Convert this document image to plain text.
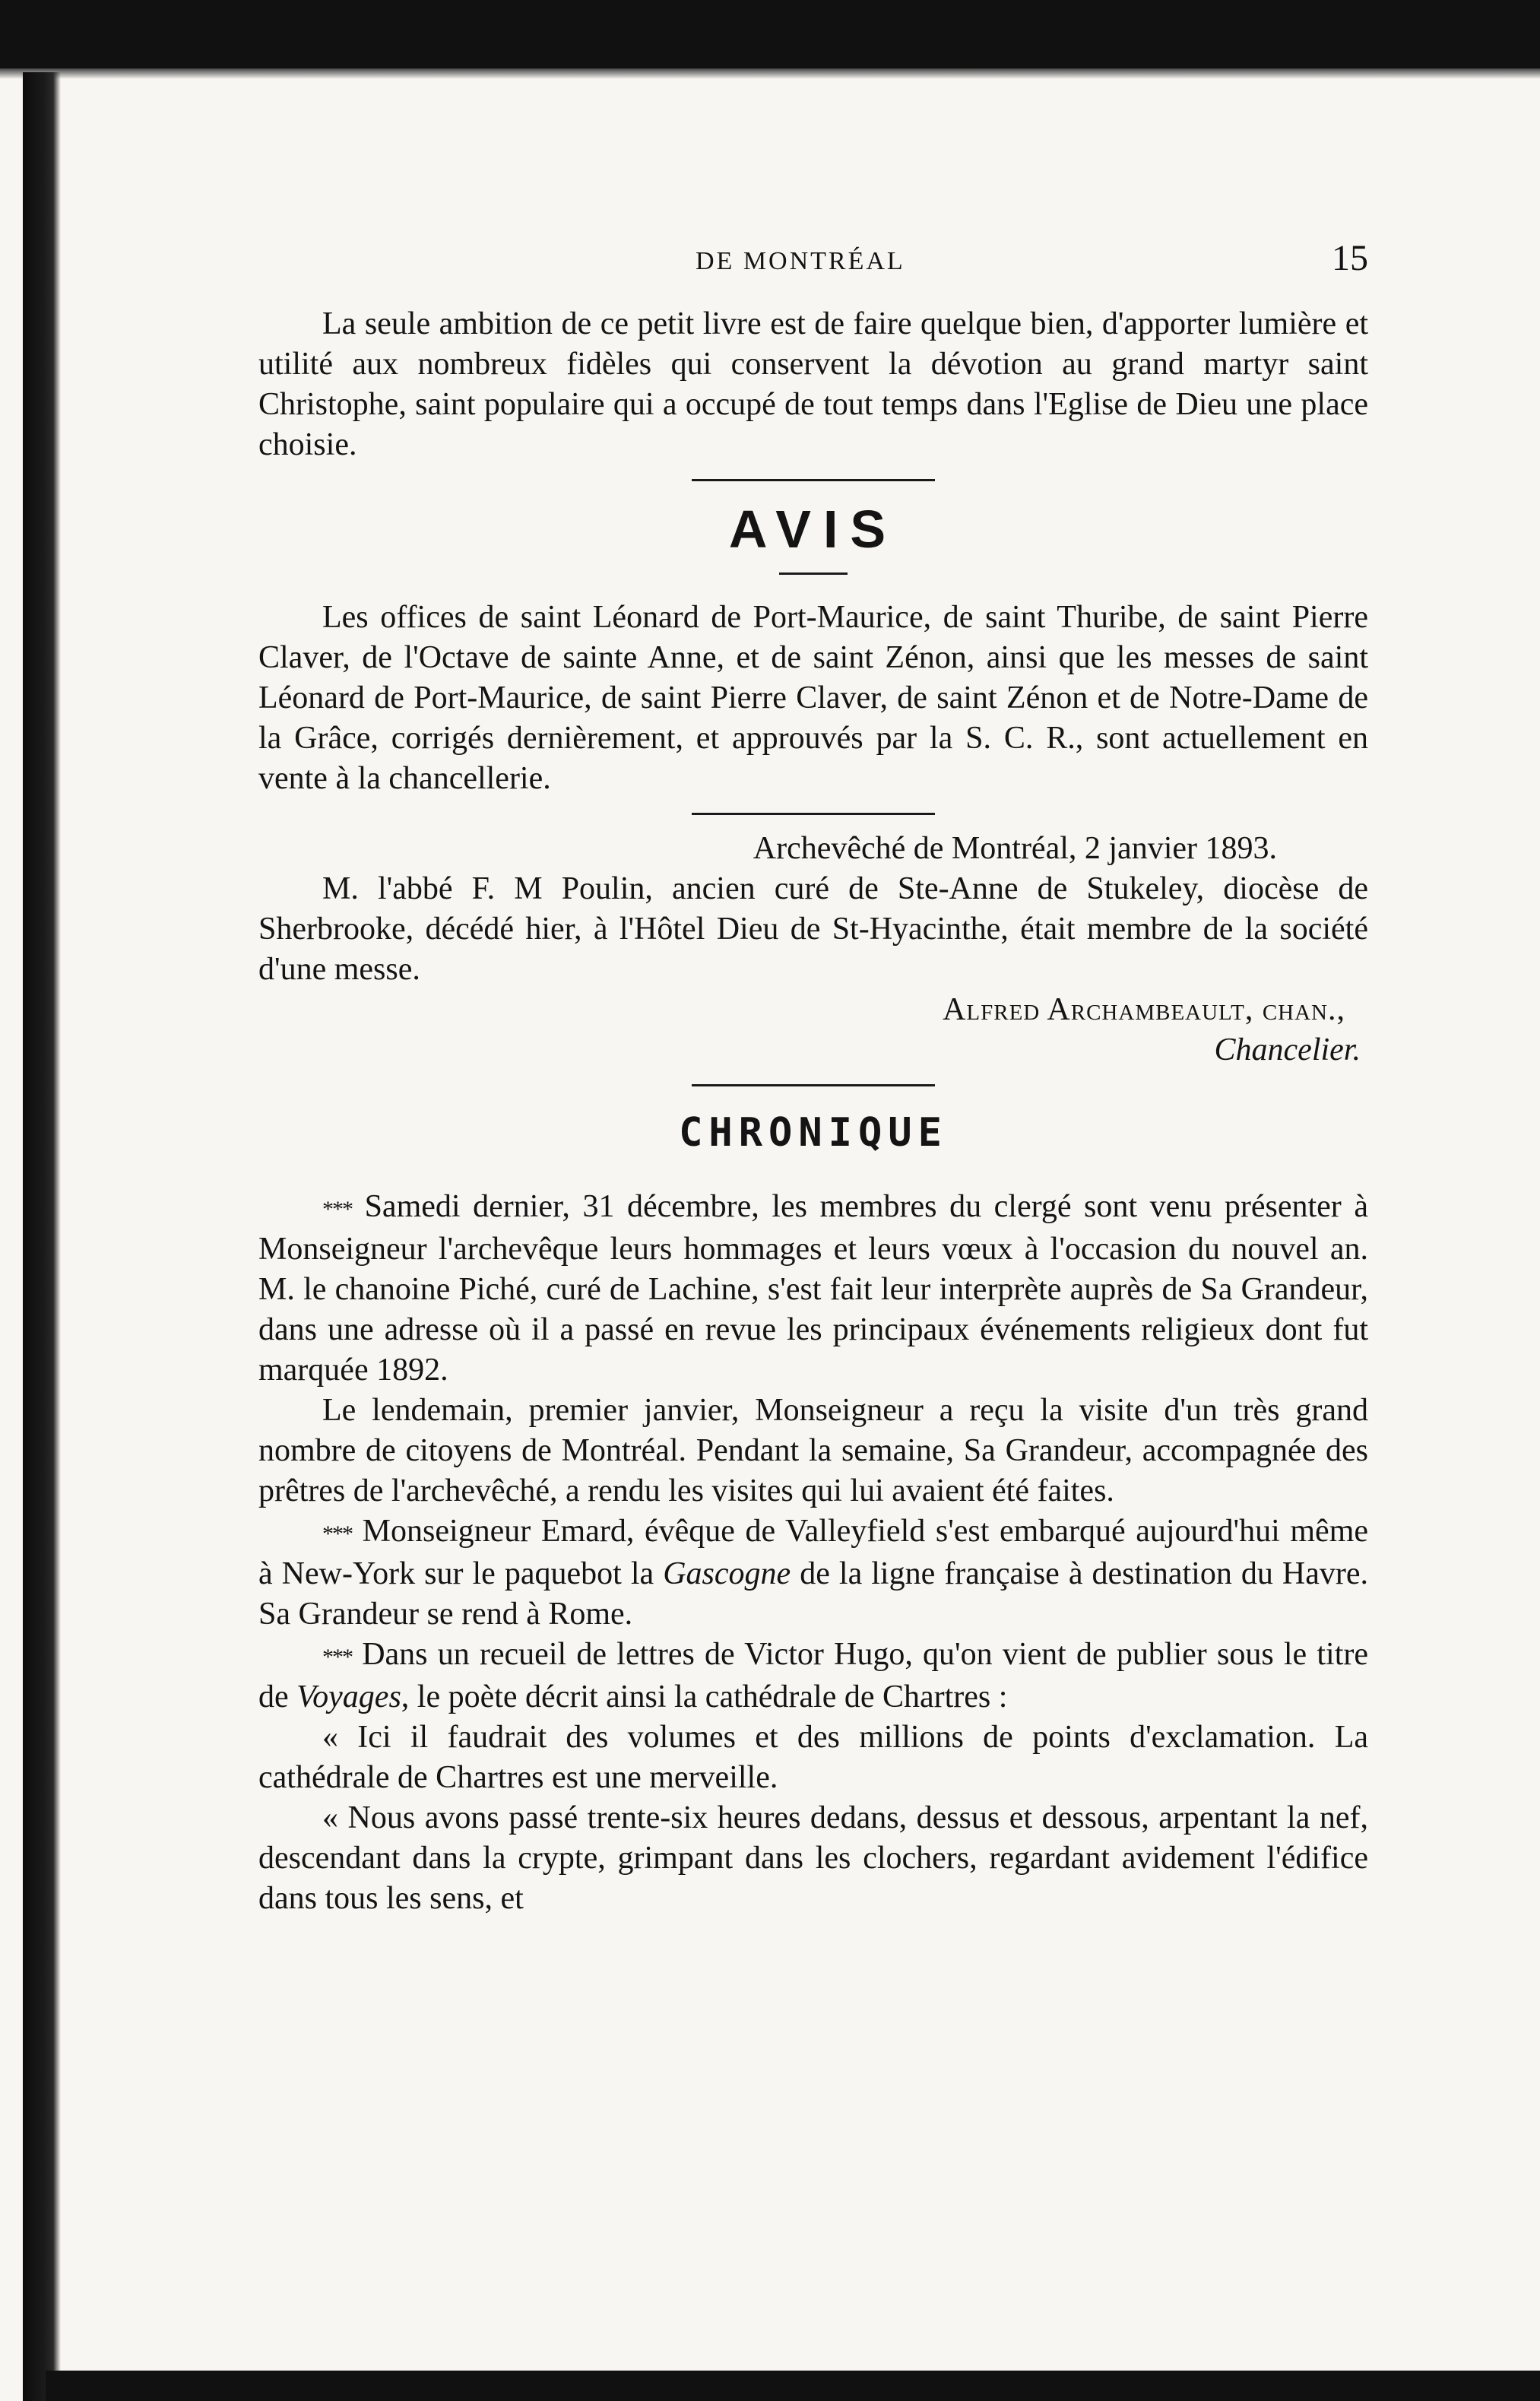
DE MONTRÉAL	15

La seule ambition de ce petit livre est de faire quelque bien, d'apporter lumière et utilité aux nombreux fidèles qui conservent la dévotion au grand martyr saint Christophe, saint populaire qui a occupé de tout temps dans l'Eglise de Dieu une place choisie.

AVIS

Les offices de saint Léonard de Port-Maurice, de saint Thuribe, de saint Pierre Claver, de l'Octave de sainte Anne, et de saint Zénon, ainsi que les messes de saint Léonard de Port-Maurice, de saint Pierre Claver, de saint Zénon et de Notre-Dame de la Grâce, corrigés dernièrement, et approuvés par la S. C. R., sont actuellement en vente à la chancellerie.

Archevêché de Montréal, 2 janvier 1893.

M. l'abbé F. M Poulin, ancien curé de Ste-Anne de Stukeley, diocèse de Sherbrooke, décédé hier, à l'Hôtel Dieu de St-Hyacinthe, était membre de la société d'une messe.

Alfred Archambeault, chan.,

Chancelier.

CHRONIQUE

*** Samedi dernier, 31 décembre, les membres du clergé sont venu présenter à Monseigneur l'archevêque leurs hommages et leurs vœux à l'occasion du nouvel an. M. le chanoine Piché, curé de Lachine, s'est fait leur interprète auprès de Sa Grandeur, dans une adresse où il a passé en revue les principaux événements religieux dont fut marquée 1892.

Le lendemain, premier janvier, Monseigneur a reçu la visite d'un très grand nombre de citoyens de Montréal. Pendant la semaine, Sa Grandeur, accompagnée des prêtres de l'archevêché, a rendu les visites qui lui avaient été faites.

*** Monseigneur Emard, évêque de Valleyfield s'est embarqué aujourd'hui même à New-York sur le paquebot la Gascogne de la ligne française à destination du Havre. Sa Grandeur se rend à Rome.

*** Dans un recueil de lettres de Victor Hugo, qu'on vient de publier sous le titre de Voyages, le poète décrit ainsi la cathédrale de Chartres :

« Ici il faudrait des volumes et des millions de points d'exclamation. La cathédrale de Chartres est une merveille.

« Nous avons passé trente-six heures dedans, dessus et dessous, arpentant la nef, descendant dans la crypte, grimpant dans les clochers, regardant avidement l'édifice dans tous les sens, et
